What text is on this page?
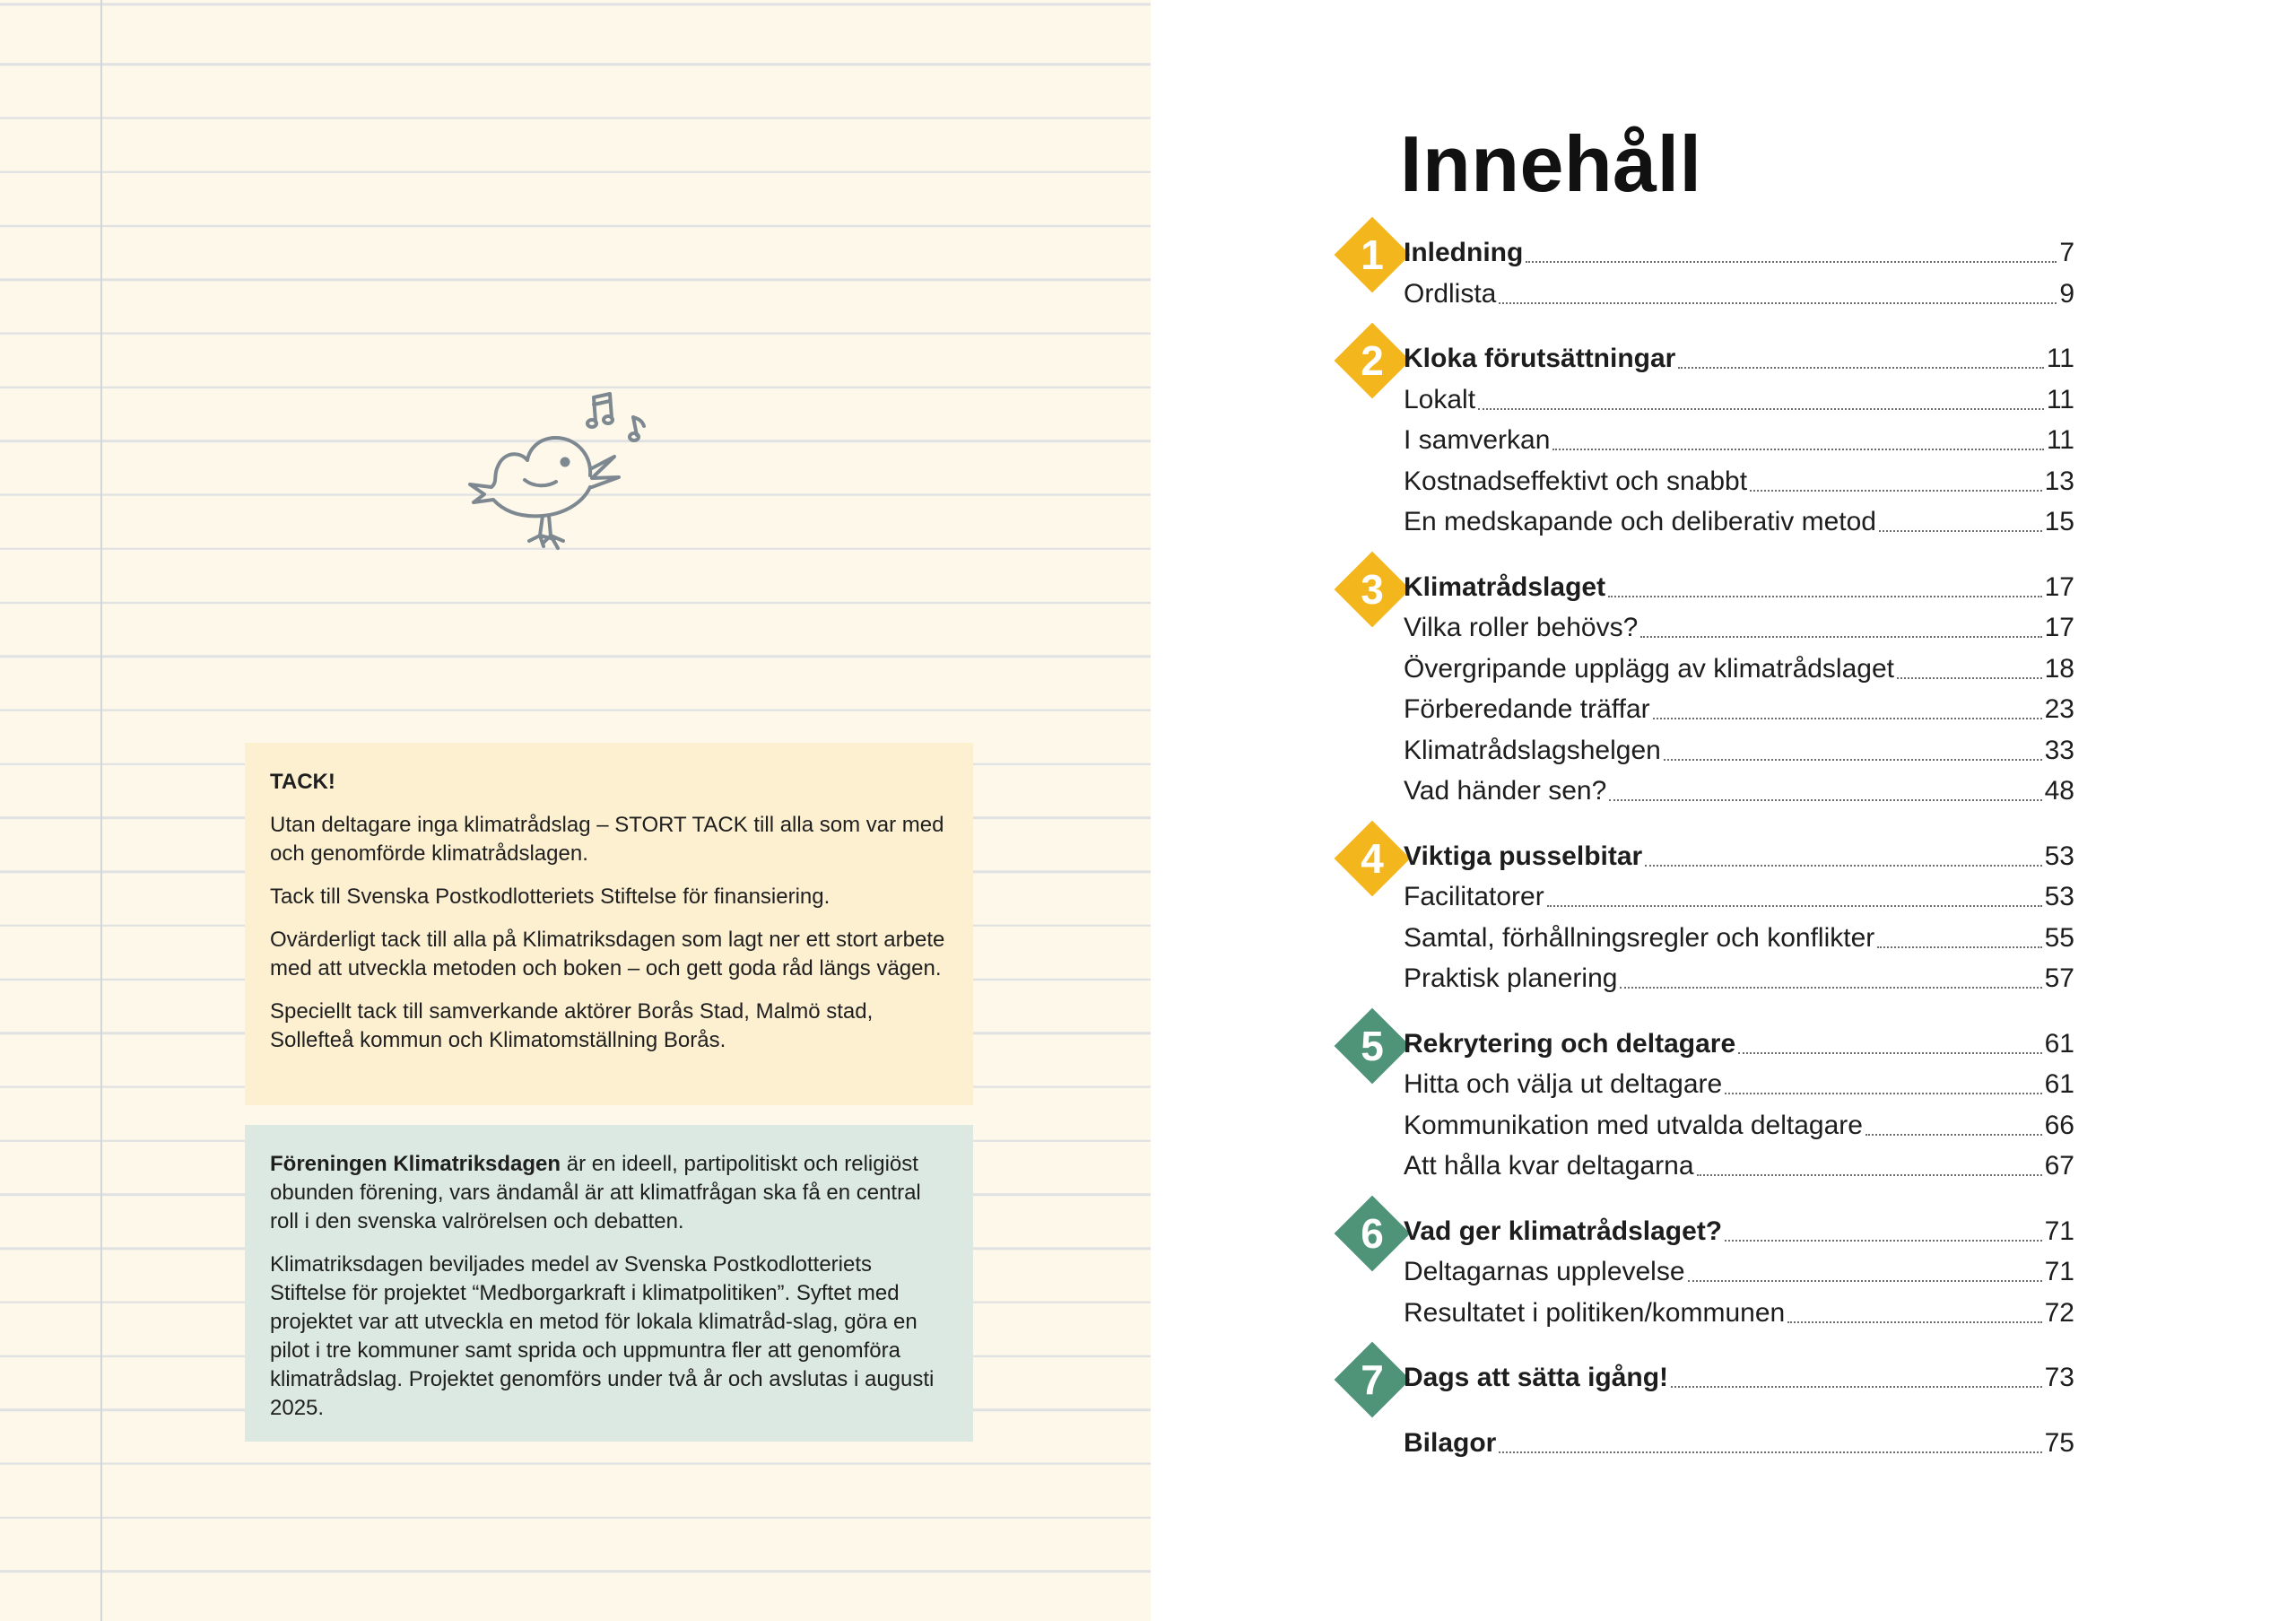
TACK!

Utan deltagare inga klimatrådslag – STORT TACK till alla som var med och genomförde klimatrådslagen.

Tack till Svenska Postkodlotteriets Stiftelse för finansiering.

Ovärderligt tack till alla på Klimatriksdagen som lagt ner ett stort arbete med att utveckla metoden och boken – och gett goda råd längs vägen.

Speciellt tack till samverkande aktörer Borås Stad, Malmö stad, Sollefteå kommun och Klimatomställning Borås.

Föreningen Klimatriksdagen är en ideell, partipolitiskt och religiöst obunden förening, vars ändamål är att klimatfrågan ska få en central roll i den svenska valrörelsen och debatten.

Klimatriksdagen beviljades medel av Svenska Postkodlotteriets Stiftelse för projektet “Medborgarkraft i klimatpolitiken”. Syftet med projektet var att utveckla en metod för lokala klimatråd-slag, göra en pilot i tre kommuner samt sprida och uppmuntra fler att genomföra klimatrådslag. Projektet genomförs under två år och avslutas i augusti 2025.

Innehåll
1 Inledning	7
Ordlista	9
2 Kloka förutsättningar	11
Lokalt	11
I samverkan	11
Kostnadseffektivt och snabbt	13
En medskapande och deliberativ metod	15
3 Klimatrådslaget	17
Vilka roller behövs?	17
Övergripande upplägg av klimatrådslaget	18
Förberedande träffar	23
Klimatrådslagshelgen	33
Vad händer sen?	48
4 Viktiga pusselbitar	53
Facilitatorer	53
Samtal, förhållningsregler och konflikter	55
Praktisk planering	57
5 Rekrytering och deltagare	61
Hitta och välja ut deltagare	61
Kommunikation med utvalda deltagare	66
Att hålla kvar deltagarna	67
6 Vad ger klimatrådslaget?	71
Deltagarnas upplevelse	71
Resultatet i politiken/kommunen	72
7 Dags att sätta igång!	73
Bilagor	75
